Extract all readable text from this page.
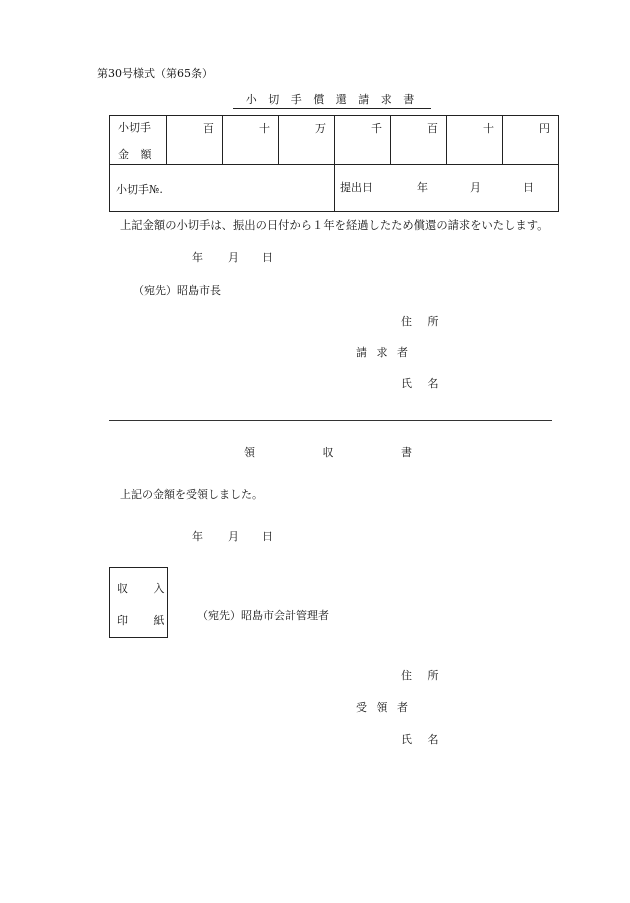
第30号様式（第65条）
小 切 手 償 還 請 求 書
小切手
金 額	百	十	万	千	百	十	円

小切手№.				提出日 年 月 日			
上記金額の小切手は、振出の日付から１年を経過したため償還の請求をいたします。
年 月 日
（宛先）昭島市長
住 所
請 求 者
氏 名
領 収 書
上記の金額を受領しました。
年 月 日
収 入
印 紙	（宛先）昭島市会計管理者
住 所
受 領 者
氏 名
